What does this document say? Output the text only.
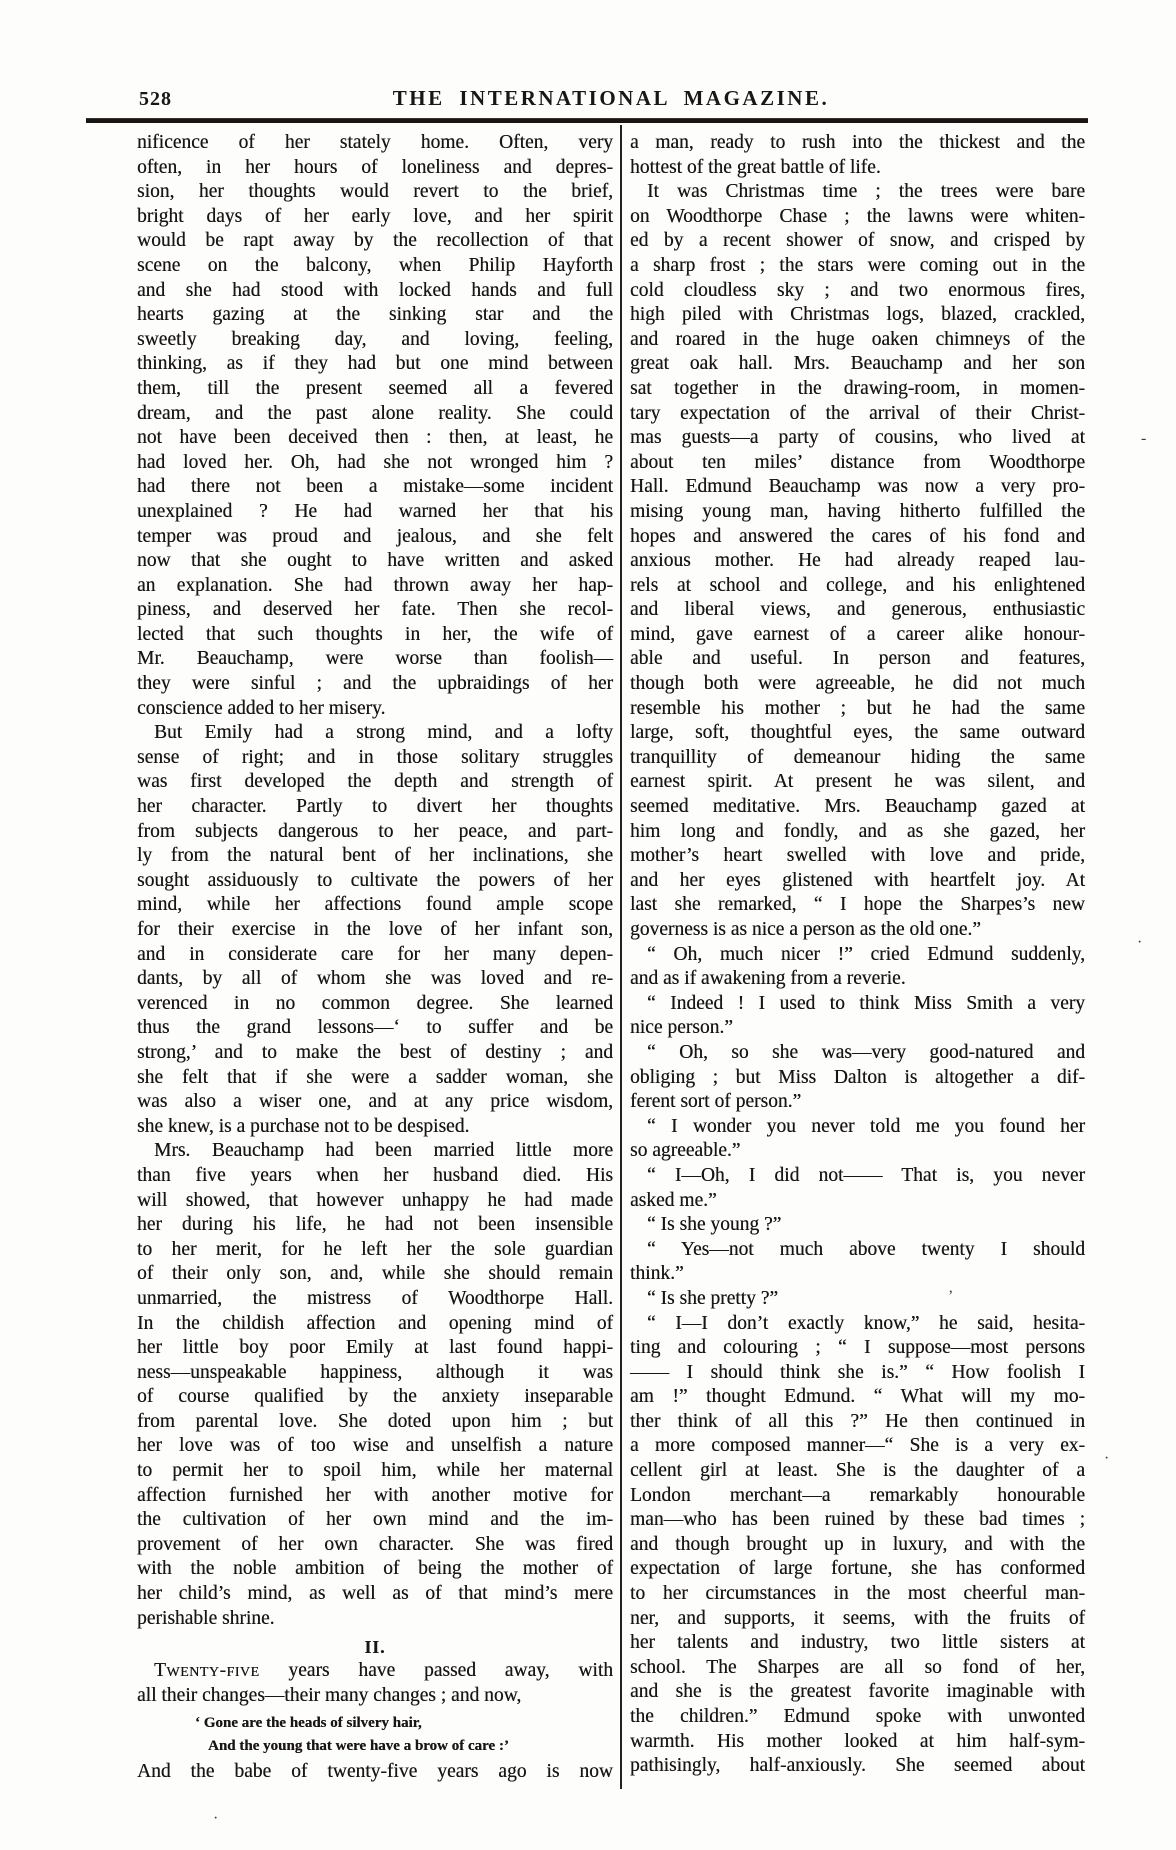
528	THE INTERNATIONAL MAGAZINE.
nificence of her stately home. Often, very
often, in her hours of loneliness and depres-
sion, her thoughts would revert to the brief,
bright days of her early love, and her spirit
would be rapt away by the recollection of that
scene on the balcony, when Philip Hayforth
and she had stood with locked hands and full
hearts gazing at the sinking star and the
sweetly breaking day, and loving, feeling,
thinking, as if they had but one mind between
them, till the present seemed all a fevered
dream, and the past alone reality. She could
not have been deceived then : then, at least, he
had loved her. Oh, had she not wronged him ?
had there not been a mistake—some incident
unexplained ? He had warned her that his
temper was proud and jealous, and she felt
now that she ought to have written and asked
an explanation. She had thrown away her hap-
piness, and deserved her fate. Then she recol-
lected that such thoughts in her, the wife of
Mr. Beauchamp, were worse than foolish—
they were sinful ; and the upbraidings of her
conscience added to her misery.
But Emily had a strong mind, and a lofty
sense of right; and in those solitary struggles
was first developed the depth and strength of
her character. Partly to divert her thoughts
from subjects dangerous to her peace, and part-
ly from the natural bent of her inclinations, she
sought assiduously to cultivate the powers of her
mind, while her affections found ample scope
for their exercise in the love of her infant son,
and in considerate care for her many depen-
dants, by all of whom she was loved and re-
verenced in no common degree. She learned
thus the grand lessons—‘ to suffer and be
strong,’ and to make the best of destiny ; and
she felt that if she were a sadder woman, she
was also a wiser one, and at any price wisdom,
she knew, is a purchase not to be despised.
Mrs. Beauchamp had been married little more
than five years when her husband died. His
will showed, that however unhappy he had made
her during his life, he had not been insensible
to her merit, for he left her the sole guardian
of their only son, and, while she should remain
unmarried, the mistress of Woodthorpe Hall.
In the childish affection and opening mind of
her little boy poor Emily at last found happi-
ness—unspeakable happiness, although it was
of course qualified by the anxiety inseparable
from parental love. She doted upon him ; but
her love was of too wise and unselfish a nature
to permit her to spoil him, while her maternal
affection furnished her with another motive for
the cultivation of her own mind and the im-
provement of her own character. She was fired
with the noble ambition of being the mother of
her child’s mind, as well as of that mind’s mere
perishable shrine.
II.
Twenty-five years have passed away, with
all their changes—their many changes ; and now,
‘ Gone are the heads of silvery hair,
And the young that were have a brow of care :’
And the babe of twenty-five years ago is now
a man, ready to rush into the thickest and the
hottest of the great battle of life.
It was Christmas time ; the trees were bare
on Woodthorpe Chase ; the lawns were whiten-
ed by a recent shower of snow, and crisped by
a sharp frost ; the stars were coming out in the
cold cloudless sky ; and two enormous fires,
high piled with Christmas logs, blazed, crackled,
and roared in the huge oaken chimneys of the
great oak hall. Mrs. Beauchamp and her son
sat together in the drawing-room, in momen-
tary expectation of the arrival of their Christ-
mas guests—a party of cousins, who lived at
about ten miles’ distance from Woodthorpe
Hall. Edmund Beauchamp was now a very pro-
mising young man, having hitherto fulfilled the
hopes and answered the cares of his fond and
anxious mother. He had already reaped lau-
rels at school and college, and his enlightened
and liberal views, and generous, enthusiastic
mind, gave earnest of a career alike honour-
able and useful. In person and features,
though both were agreeable, he did not much
resemble his mother ; but he had the same
large, soft, thoughtful eyes, the same outward
tranquillity of demeanour hiding the same
earnest spirit. At present he was silent, and
seemed meditative. Mrs. Beauchamp gazed at
him long and fondly, and as she gazed, her
mother’s heart swelled with love and pride,
and her eyes glistened with heartfelt joy. At
last she remarked, “ I hope the Sharpes’s new
governess is as nice a person as the old one.”
“ Oh, much nicer !” cried Edmund suddenly,
and as if awakening from a reverie.
“ Indeed ! I used to think Miss Smith a very
nice person.”
“ Oh, so she was—very good-natured and
obliging ; but Miss Dalton is altogether a dif-
ferent sort of person.”
“ I wonder you never told me you found her
so agreeable.”
“ I—Oh, I did not—— That is, you never
asked me.”
“ Is she young ?”
“ Yes—not much above twenty I should
think.”
“ Is she pretty ?”
“ I—I don’t exactly know,” he said, hesita-
ting and colouring ; “ I suppose—most persons
—— I should think she is.” “ How foolish I
am !” thought Edmund. “ What will my mo-
ther think of all this ?” He then continued in
a more composed manner—“ She is a very ex-
cellent girl at least. She is the daughter of a
London merchant—a remarkably honourable
man—who has been ruined by these bad times ;
and though brought up in luxury, and with the
expectation of large fortune, she has conformed
to her circumstances in the most cheerful man-
ner, and supports, it seems, with the fruits of
her talents and industry, two little sisters at
school. The Sharpes are all so fond of her,
and she is the greatest favorite imaginable with
the children.” Edmund spoke with unwonted
warmth. His mother looked at him half-sym-
pathisingly, half-anxiously. She seemed about
-
·
’
·
·
